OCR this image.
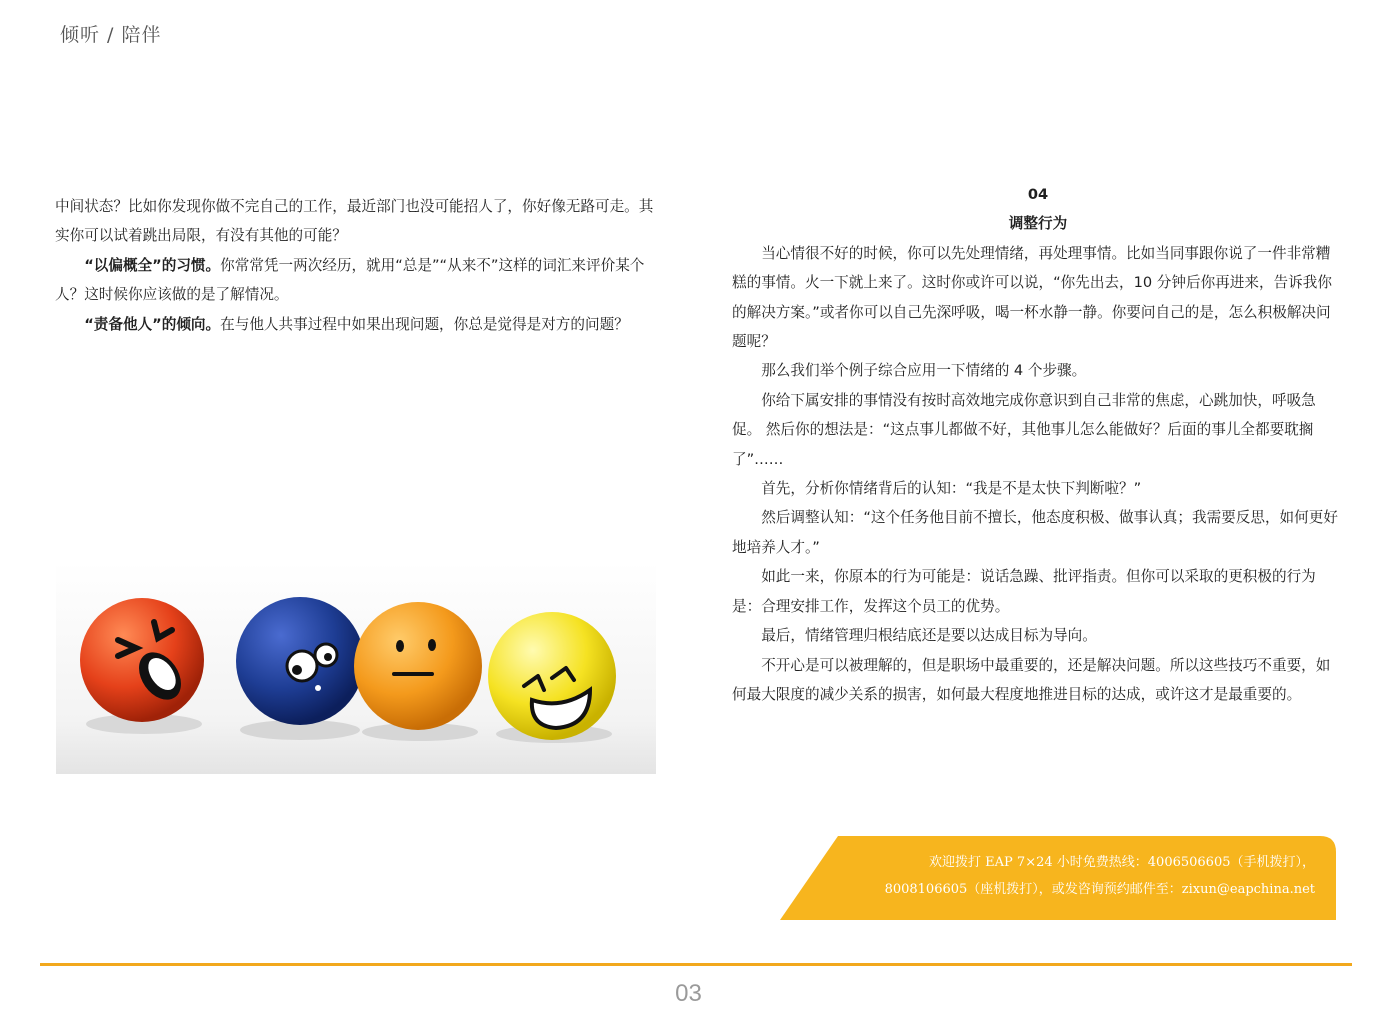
倾听 / 陪伴

中间状态？比如你发现你做不完自己的工作，最近部门也没可能招人了，你好像无路可走。其实你可以试着跳出局限，有没有其他的可能？

“以偏概全”的习惯。你常常凭一两次经历，就用“总是”“从来不”这样的词汇来评价某个人？这时候你应该做的是了解情况。

“责备他人”的倾向。在与他人共事过程中如果出现问题，你总是觉得是对方的问题？

04

调整行为

当心情很不好的时候，你可以先处理情绪，再处理事情。比如当同事跟你说了一件非常糟糕的事情。火一下就上来了。这时你或许可以说，“你先出去，10 分钟后你再进来，告诉我你的解决方案。”或者你可以自己先深呼吸，喝一杯水静一静。你要问自己的是，怎么积极解决问题呢？

那么我们举个例子综合应用一下情绪的 4 个步骤。

你给下属安排的事情没有按时高效地完成你意识到自己非常的焦虑，心跳加快，呼吸急促。 然后你的想法是：“这点事儿都做不好，其他事儿怎么能做好？后面的事儿全都要耽搁了”……

首先，分析你情绪背后的认知：“我是不是太快下判断啦？”

然后调整认知：“这个任务他目前不擅长，他态度积极、做事认真；我需要反思，如何更好地培养人才。”

如此一来，你原本的行为可能是：说话急躁、批评指责。但你可以采取的更积极的行为是：合理安排工作，发挥这个员工的优势。

最后，情绪管理归根结底还是要以达成目标为导向。

不开心是可以被理解的，但是职场中最重要的，还是解决问题。所以这些技巧不重要，如何最大限度的减少关系的损害，如何最大程度地推进目标的达成，或许这才是最重要的。

欢迎拨打 EAP 7×24 小时免费热线：4006506605（手机拨打），
8008106605（座机拨打），或发咨询预约邮件至：zixun@eapchina.net
03
